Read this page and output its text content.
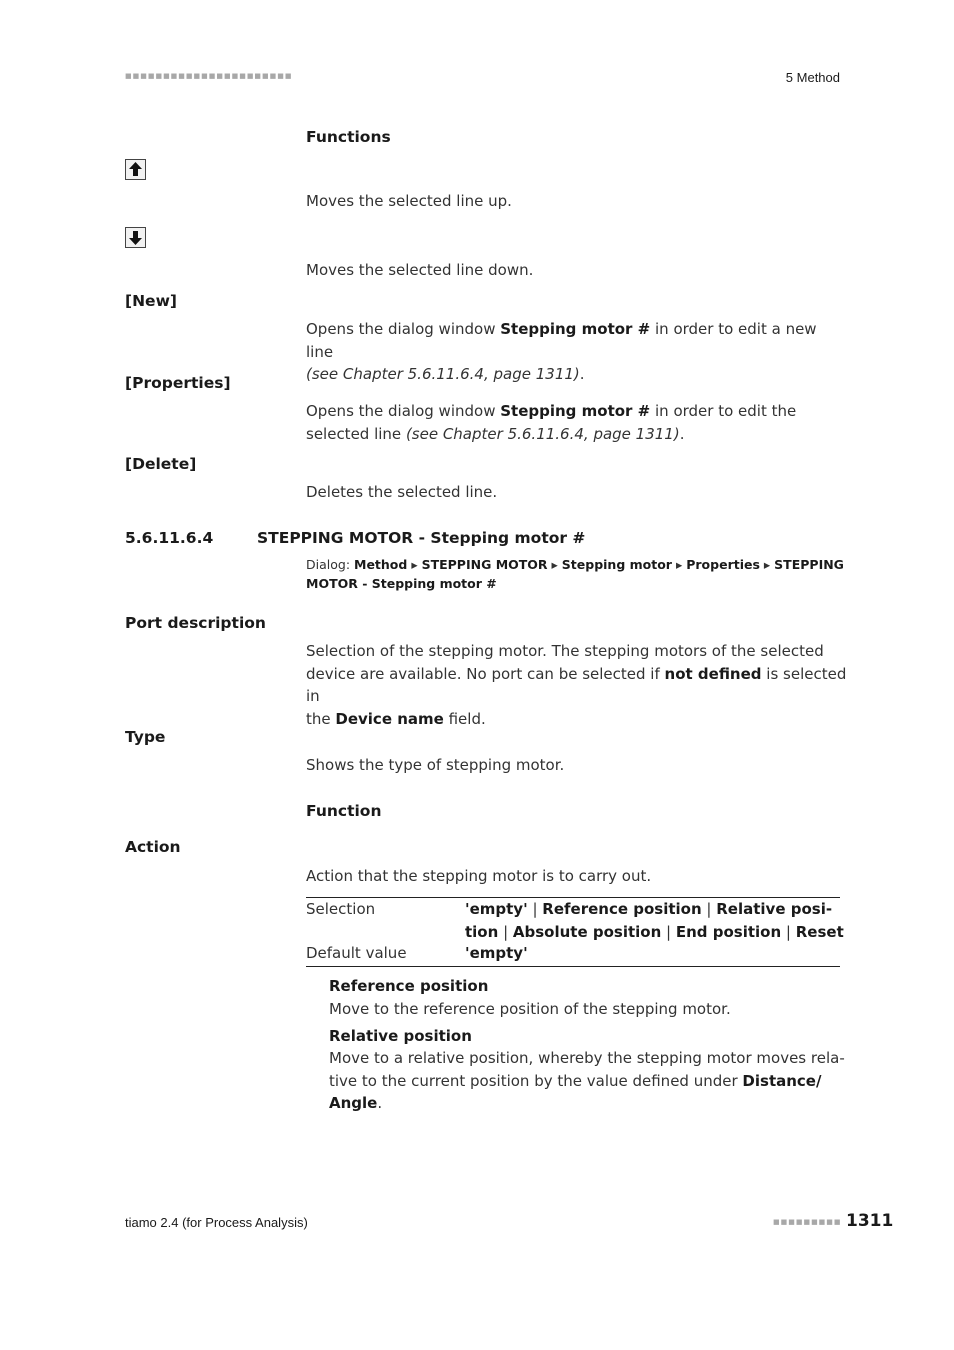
■■■■■■■■■■■■■■■■■■■■■■	5 Method
Functions
Moves the selected line up.
Moves the selected line down.
[New]
Opens the dialog window Stepping motor # in order to edit a new line
(see Chapter 5.6.11.6.4, page 1311).
[Properties]
Opens the dialog window Stepping motor # in order to edit the
selected line (see Chapter 5.6.11.6.4, page 1311).
[Delete]
Deletes the selected line.
5.6.11.6.4	STEPPING MOTOR - Stepping motor #
Dialog: Method ▸ STEPPING MOTOR ▸ Stepping motor ▸ Properties ▸ STEPPING
MOTOR - Stepping motor #
Port description
Selection of the stepping motor. The stepping motors of the selected
device are available. No port can be selected if not defined is selected in
the Device name field.
Type
Shows the type of stepping motor.
Function
Action
Action that the stepping motor is to carry out.
Selection	'empty' | Reference position | Relative posi-
tion | Absolute position | End position | Reset
Default value	'empty'
Reference position
Move to the reference position of the stepping motor.
Relative position
Move to a relative position, whereby the stepping motor moves rela-
tive to the current position by the value defined under Distance/
Angle.
tiamo 2.4 (for Process Analysis)	■■■■■■■■■ 1311
